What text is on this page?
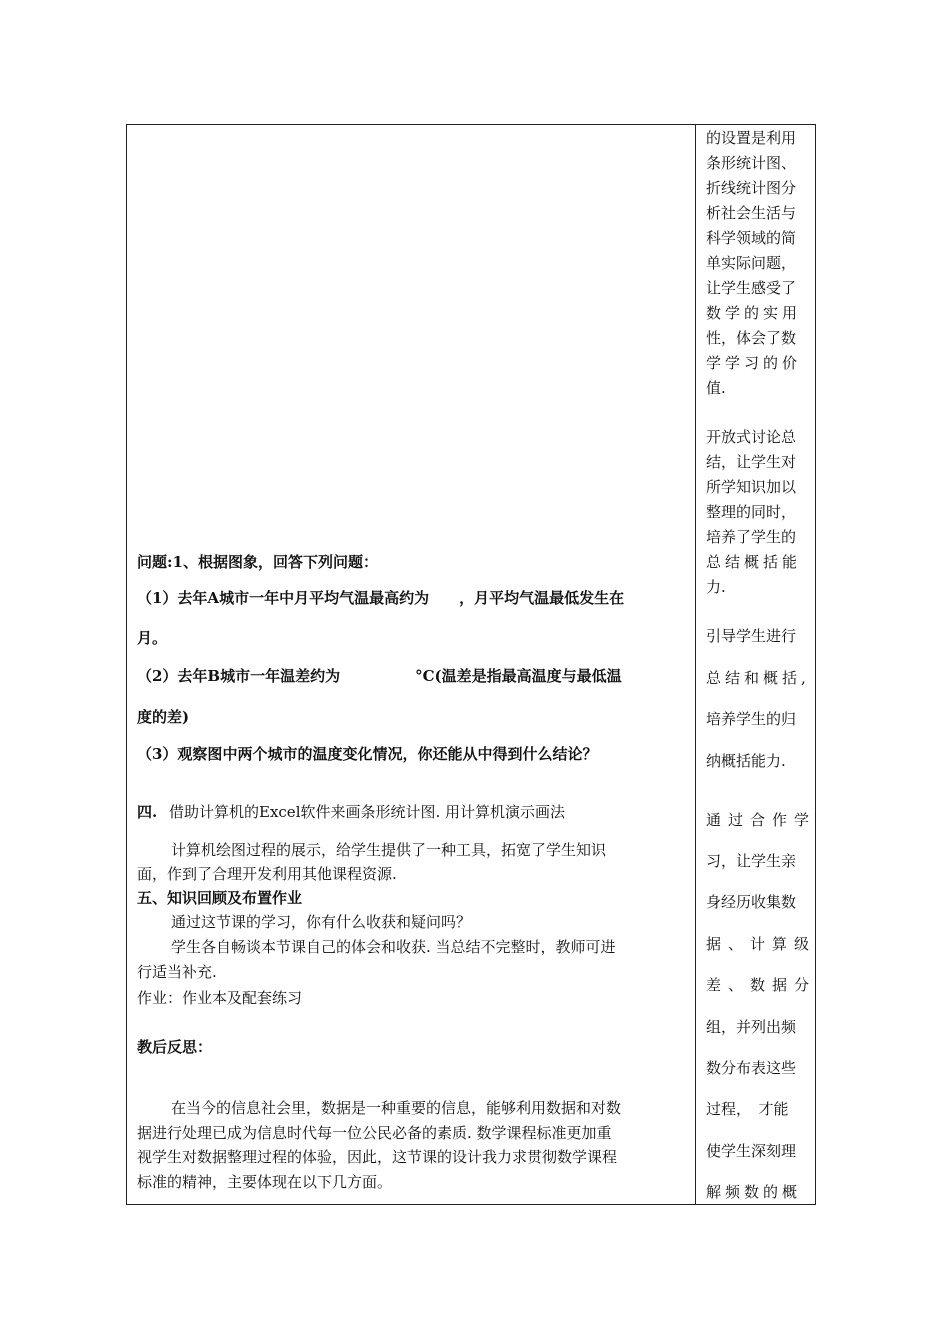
问题:1、根据图象，回答下列问题：
（1）去年A城市一年中月平均气温最高约为　　，月平均气温最低发生在
月。
（2）去年B城市一年温差约为　　　　　°C(温差是指最高温度与最低温
度的差)
（3）观察图中两个城市的温度变化情况，你还能从中得到什么结论？
四. 借助计算机的Excel软件来画条形统计图. 用计算机演示画法
计算机绘图过程的展示，给学生提供了一种工具，拓宽了学生知识
面，作到了合理开发利用其他课程资源.
五、知识回顾及布置作业
通过这节课的学习，你有什么收获和疑问吗？
学生各自畅谈本节课自己的体会和收获. 当总结不完整时，教师可进
行适当补充.
作业：作业本及配套练习
教后反思：
在当今的信息社会里，数据是一种重要的信息，能够利用数据和对数
据进行处理已成为信息时代每一位公民必备的素质. 数学课程标准更加重
视学生对数据整理过程的体验，因此，这节课的设计我力求贯彻数学课程
标准的精神，主要体现在以下几方面。
的设置是利用
条形统计图、
折线统计图分
析社会生活与
科学领域的简
单实际问题，
让学生感受了
数学的实用
性，体会了数
学学习的价
值.
开放式讨论总
结，让学生对
所学知识加以
整理的同时，
培养了学生的
总结概括能
力.
引导学生进行
总结和概括,
培养学生的归
纳概括能力.
通过合作学
习，让学生亲
身经历收集数
据、计算级
差、数据分
组，并列出频
数分布表这些
过程，　才能
使学生深刻理
解频数的概
